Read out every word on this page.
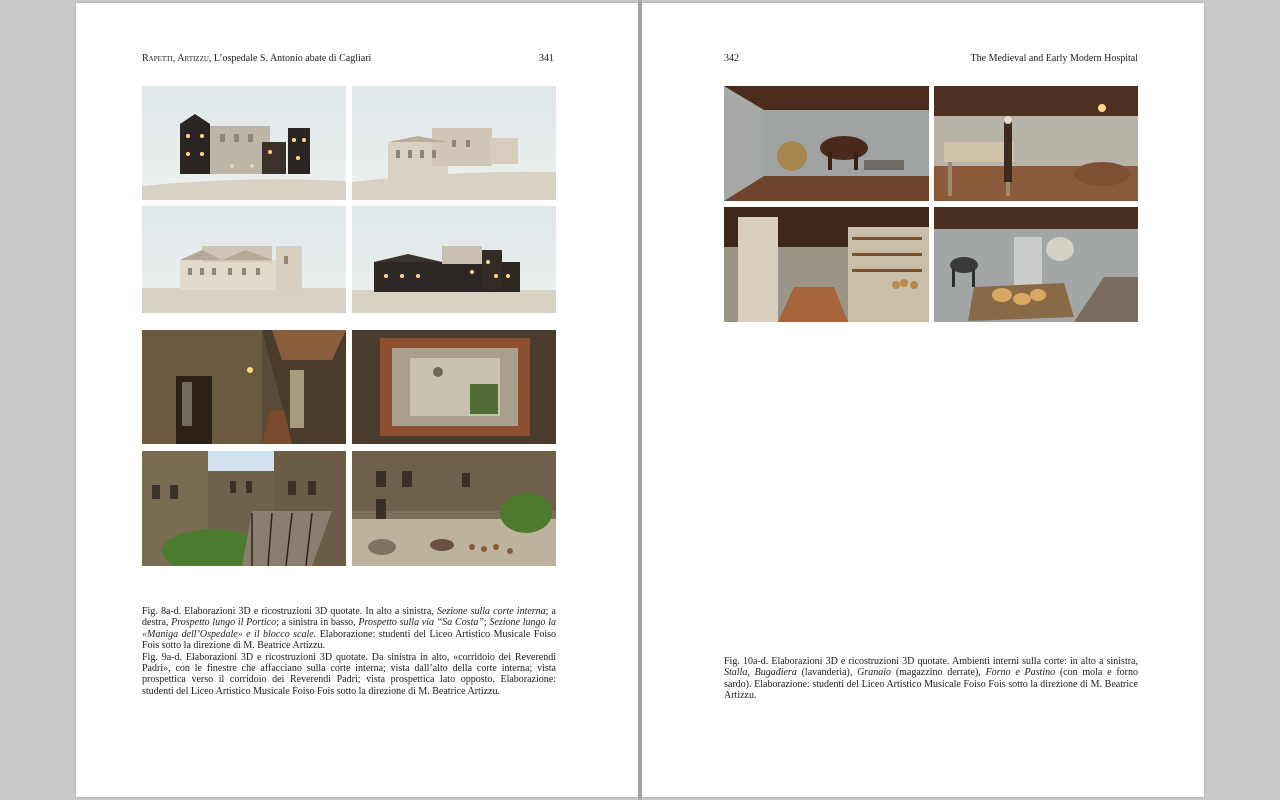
Rapetti, Artizzu, L’ospedale S. Antonio abate di Cagliari	341

Fig. 8a-d. Elaborazioni 3D e ricostruzioni 3D quotate. In alto a sinistra, Sezione sulla corte interna; a destra, Prospetto lungo il Portico; a sinistra in basso, Prospetto sulla via “Sa Costa”; Sezione lungo la «Maniga dell’Ospedale» e il blocco scale. Elaborazione: studenti del Liceo Artistico Musicale Foiso Fois sotto la direzione di M. Beatrice Artizzu.

Fig. 9a-d. Elaborazioni 3D e ricostruzioni 3D quotate. Da sinistra in alto, «corridoio dei Reverendi Padri», con le finestre che affacciano sulla corte interna; vista dall’alto della corte interna; vista prospettica verso il corridoio dei Reverendi Padri; vista prospettica lato opposto. Elaborazione: studenti del Liceo Artistico Musicale Foiso Fois sotto la direzione di M. Beatrice Artizzu.

342	The Medieval and Early Modern Hospital

Fig. 10a-d. Elaborazioni 3D e ricostruzioni 3D quotate. Ambienti interni sulla corte: in alto a sinistra, Stalla, Bugadiera (lavanderia), Granaio (magazzino derrate), Forno e Pastino (con mola e forno sardo). Elaborazione: studenti del Liceo Artistico Musicale Foiso Fois sotto la direzione di M. Beatrice Artizzu.
